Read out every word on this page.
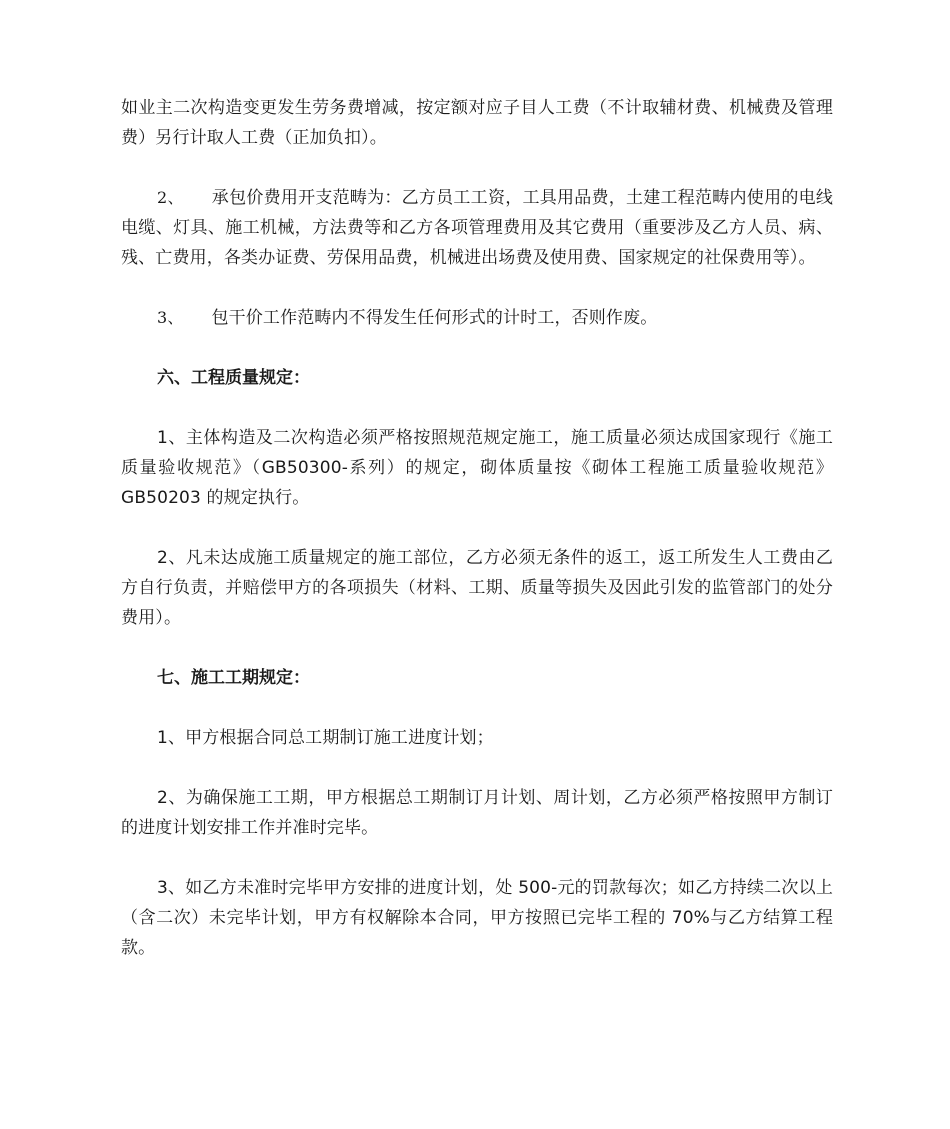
如业主二次构造变更发生劳务费增减，按定额对应子目人工费（不计取辅材费、机械费及管理费）另行计取人工费（正加负扣）。

2、 承包价费用开支范畴为：乙方员工工资，工具用品费，土建工程范畴内使用的电线电缆、灯具、施工机械，方法费等和乙方各项管理费用及其它费用（重要涉及乙方人员、病、残、亡费用，各类办证费、劳保用品费，机械进出场费及使用费、国家规定的社保费用等）。

3、 包干价工作范畴内不得发生任何形式的计时工，否则作废。

六、工程质量规定：

1、主体构造及二次构造必须严格按照规范规定施工，施工质量必须达成国家现行《施工质量验收规范》（GB50300-系列）的规定，砌体质量按《砌体工程施工质量验收规范》GB50203 的规定执行。

2、凡未达成施工质量规定的施工部位，乙方必须无条件的返工，返工所发生人工费由乙方自行负责，并赔偿甲方的各项损失（材料、工期、质量等损失及因此引发的监管部门的处分费用）。

七、施工工期规定：

1、甲方根据合同总工期制订施工进度计划；

2、为确保施工工期，甲方根据总工期制订月计划、周计划，乙方必须严格按照甲方制订的进度计划安排工作并准时完毕。

3、如乙方未准时完毕甲方安排的进度计划，处 500-元的罚款每次；如乙方持续二次以上（含二次）未完毕计划，甲方有权解除本合同，甲方按照已完毕工程的 70%与乙方结算工程款。
